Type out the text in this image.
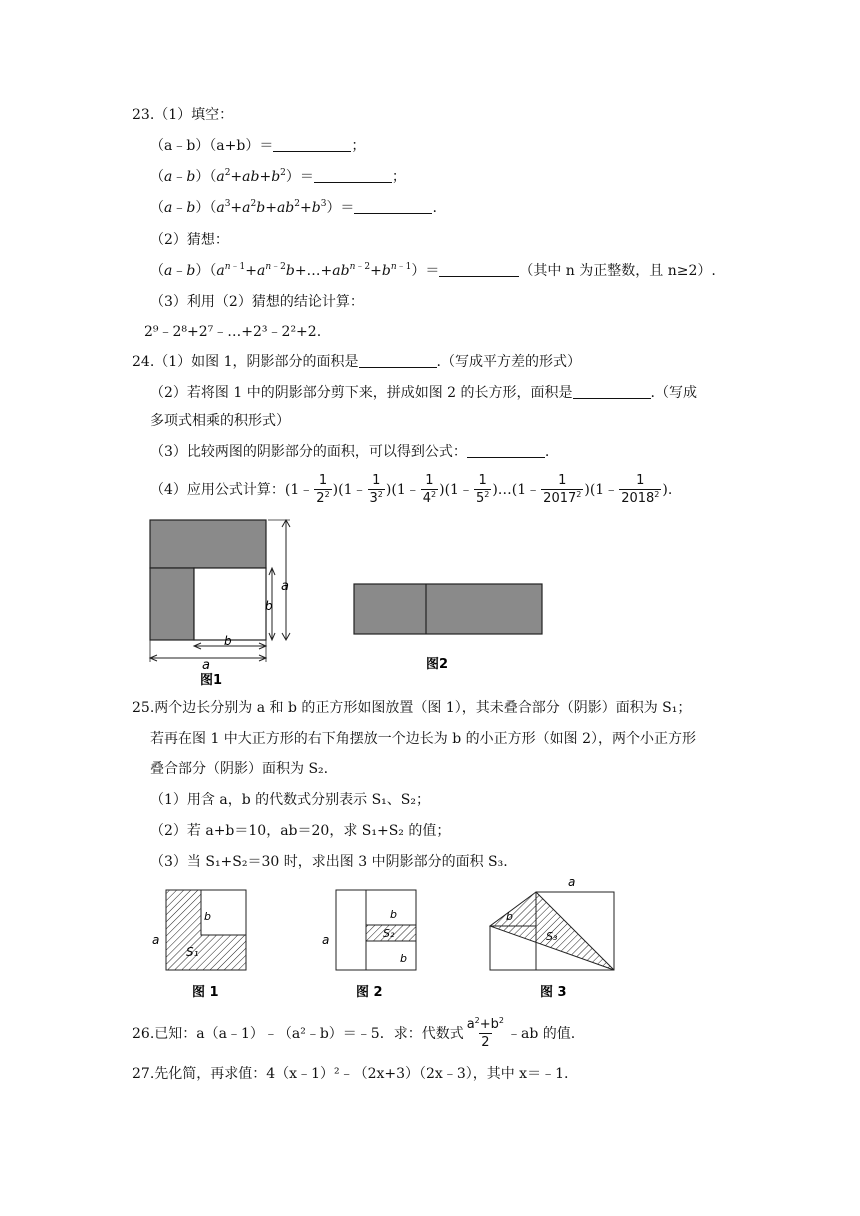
23.（1）填空：
（a﹣b）（a+b）＝	；
$(a﹣b)(a^2+ab+b^2)=$	；
$(a﹣b)(a^3+a^2b+ab^2+b^3)=$	.
（2）猜想：
$(a﹣b)(a^{n﹣1}+a^{n﹣2}b+\dots+ab^{n﹣2}+b^{n﹣1})=$	（其中 n 为正整数，且 n≥2）.
（3）利用（2）猜想的结论计算：
2⁹﹣2⁸+2⁷﹣…+2³﹣2²+2.
24.（1）如图 1，阴影部分的面积是	.（写成平方差的形式）
（2）若将图 1 中的阴影部分剪下来，拼成如图 2 的长方形，面积是	.（写成
多项式相乘的积形式）
（3）比较两图的阴影部分的面积，可以得到公式：	.
（4）应用公式计算：(1﹣ $\frac{1}{2^2}$ )(1﹣ $\frac{1}{3^2}$ )(1﹣ $\frac{1}{4^2}$ )(1﹣ $\frac{1}{5^2}$ )…(1﹣ $\frac{1}{2017^2}$ )(1﹣ $\frac{1}{2018^2}$ ).
a
b
b
a
图1
图2
25.两个边长分别为 a 和 b 的正方形如图放置（图 1），其未叠合部分（阴影）面积为 S₁；
若再在图 1 中大正方形的右下角摆放一个边长为 b 的小正方形（如图 2），两个小正方形
叠合部分（阴影）面积为 S₂.
（1）用含 a，b 的代数式分别表示 S₁、S₂；
（2）若 a+b＝10，ab＝20，求 S₁+S₂ 的值；
（3）当 S₁+S₂＝30 时，求出图 3 中阴影部分的面积 S₃.
a
b
S₁
图 1
a
b
S₂
b
图 2
a
b
S₃
图 3
26.已知：a（a﹣1）﹣（a²﹣b）＝﹣5．求：代数式 $\frac{a^2+b^2}{2}$ ﹣ab 的值.
27.先化简，再求值：4（x﹣1）²﹣（2x+3）（2x﹣3），其中 x＝﹣1.
